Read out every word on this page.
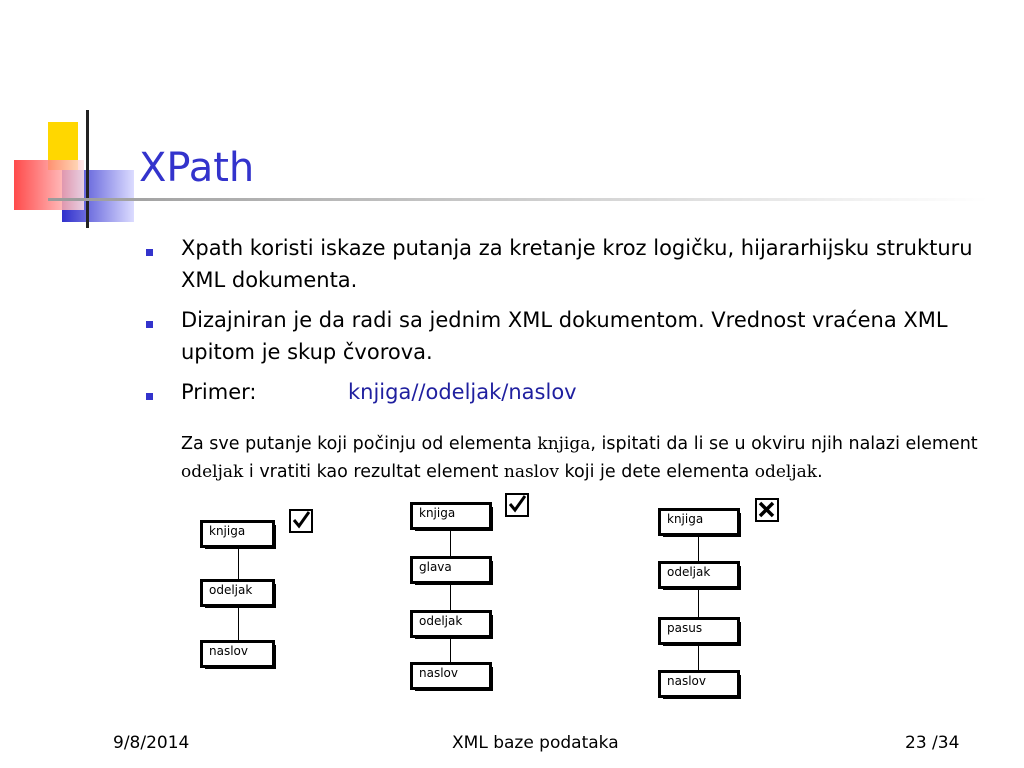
XPath
Xpath koristi iskaze putanja za kretanje kroz logičku, hijararhijsku strukturu XML dokumenta.
Dizajniran je da radi sa jednim XML dokumentom. Vrednost vraćena XML upitom je skup čvorova.
Primer:	knjiga//odeljak/naslov
Za sve putanje koji počinju od elementa knjiga, ispitati da li se u okviru njih nalazi element odeljak i vratiti kao rezultat element naslov koji je dete elementa odeljak.
knjiga
odeljak
naslov
knjiga
glava
odeljak
naslov
knjiga
odeljak
pasus
naslov
9/8/2014	XML baze podataka	23 /34
